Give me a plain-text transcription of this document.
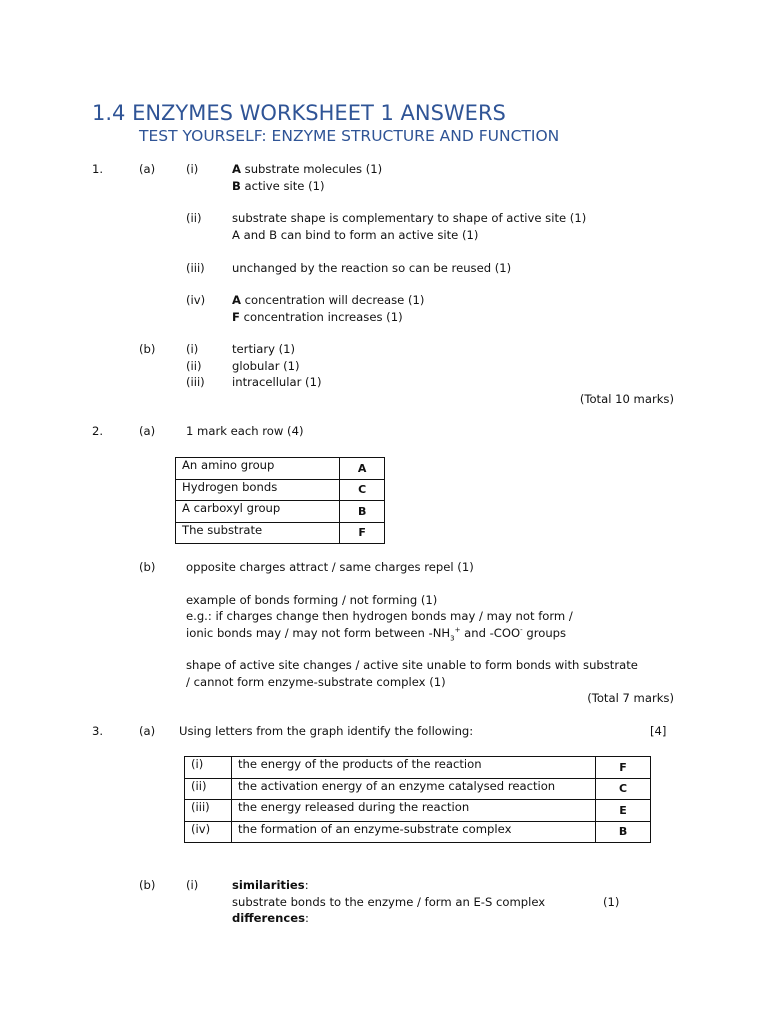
1.4 ENZYMES WORKSHEET 1 ANSWERS
TEST YOURSELF: ENZYME STRUCTURE AND FUNCTION
1.	(a)	(i)	A substrate molecules (1)
B active site (1)
(ii)	substrate shape is complementary to shape of active site (1)
A and B can bind to form an active site (1)
(iii) unchanged by the reaction so can be reused (1)
(iv) A concentration will decrease (1)
F concentration increases (1)
(b)	(i)	tertiary (1)
(ii)	globular (1)
(iii) intracellular (1)
(Total 10 marks)
2.	(a)	1 mark each row (4)
An amino group	A
Hydrogen bonds	C
A carboxyl group	B
The substrate	F
(b)	opposite charges attract / same charges repel (1)
example of bonds forming / not forming (1)
e.g.: if charges change then hydrogen bonds may / may not form /
ionic bonds may / may not form between $-NH_3^+$ and -COO- groups
shape of active site changes / active site unable to form bonds with substrate
/ cannot form enzyme-substrate complex (1)
(Total 7 marks)
3.	(a) Using letters from the graph identify the following:	[4]
(i)	the energy of the products of the reaction	F
(ii)	the activation energy of an enzyme catalysed reaction	C
(iii)	the energy released during the reaction	E
(iv)	the formation of an enzyme-substrate complex	B
(b)	(i)	similarities:
substrate bonds to the enzyme / form an E-S complex	(1)
differences:
